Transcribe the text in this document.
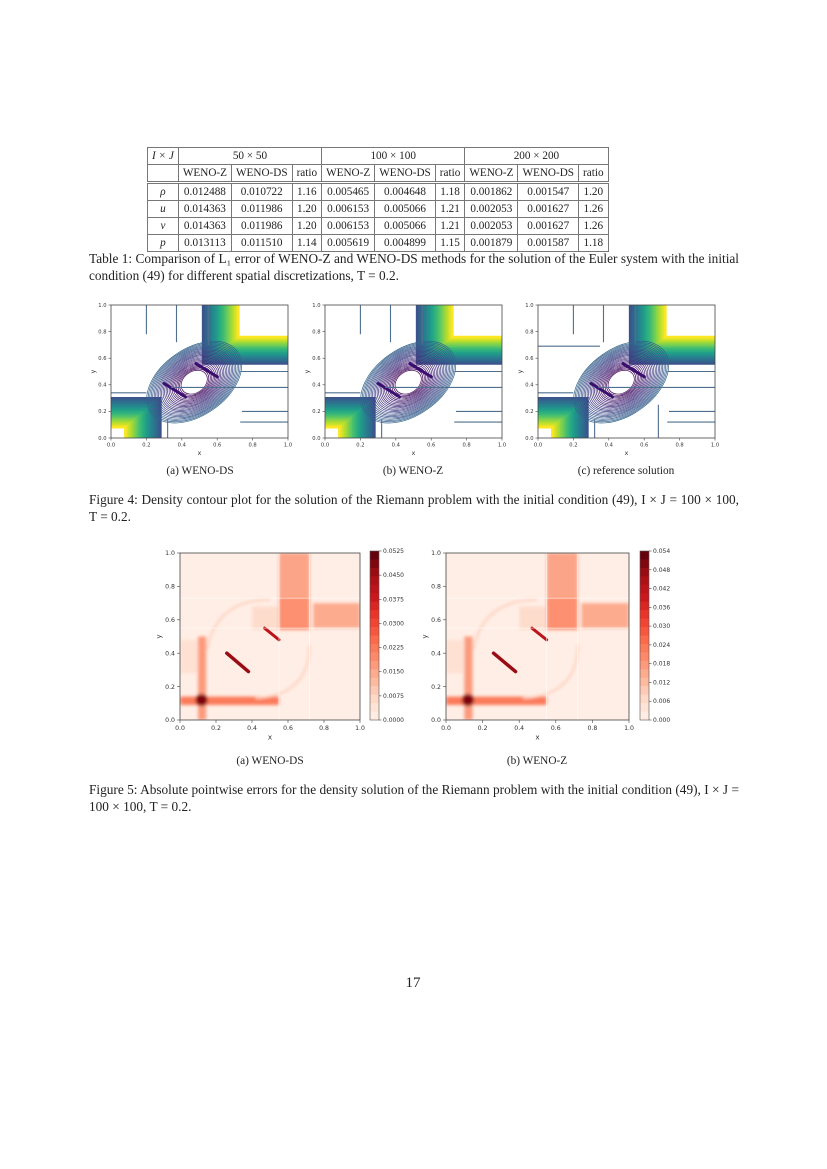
I × J	50 × 50			100 × 100			200 × 200		
	WENO-Z	WENO-DS	ratio	WENO-Z	WENO-DS	ratio	WENO-Z	WENO-DS	ratio
ρ	0.012488	0.010722	1.16	0.005465	0.004648	1.18	0.001862	0.001547	1.20
u	0.014363	0.011986	1.20	0.006153	0.005066	1.21	0.002053	0.001627	1.26
v	0.014363	0.011986	1.20	0.006153	0.005066	1.21	0.002053	0.001627	1.26
p	0.013113	0.011510	1.14	0.005619	0.004899	1.15	0.001879	0.001587	1.18
Table 1: Comparison of L₁ error of WENO-Z and WENO-DS methods for the solution of the Euler system with the initial condition (49) for different spatial discretizations, T = 0.2.
0.0
0.0
0.2
0.2
0.4
0.4
0.6
0.6
0.8
0.8
1.0
1.0
x
y
0.0
0.0
0.2
0.2
0.4
0.4
0.6
0.6
0.8
0.8
1.0
1.0
x
y
0.0
0.0
0.2
0.2
0.4
0.4
0.6
0.6
0.8
0.8
1.0
1.0
x
y
(a) WENO-DS	(b) WENO-Z	(c) reference solution
Figure 4: Density contour plot for the solution of the Riemann problem with the initial condition (49), I × J = 100 × 100, T = 0.2.
0.0
0.0
0.2
0.2
0.4
0.4
0.6
0.6
0.8
0.8
1.0
1.0
x
y
0.0000
0.0075
0.0150
0.0225
0.0300
0.0375
0.0450
0.0525
0.0
0.0
0.2
0.2
0.4
0.4
0.6
0.6
0.8
0.8
1.0
1.0
x
y
0.000
0.006
0.012
0.018
0.024
0.030
0.036
0.042
0.048
0.054
(a) WENO-DS	(b) WENO-Z
Figure 5: Absolute pointwise errors for the density solution of the Riemann problem with the initial condition (49), I × J = 100 × 100, T = 0.2.
17
